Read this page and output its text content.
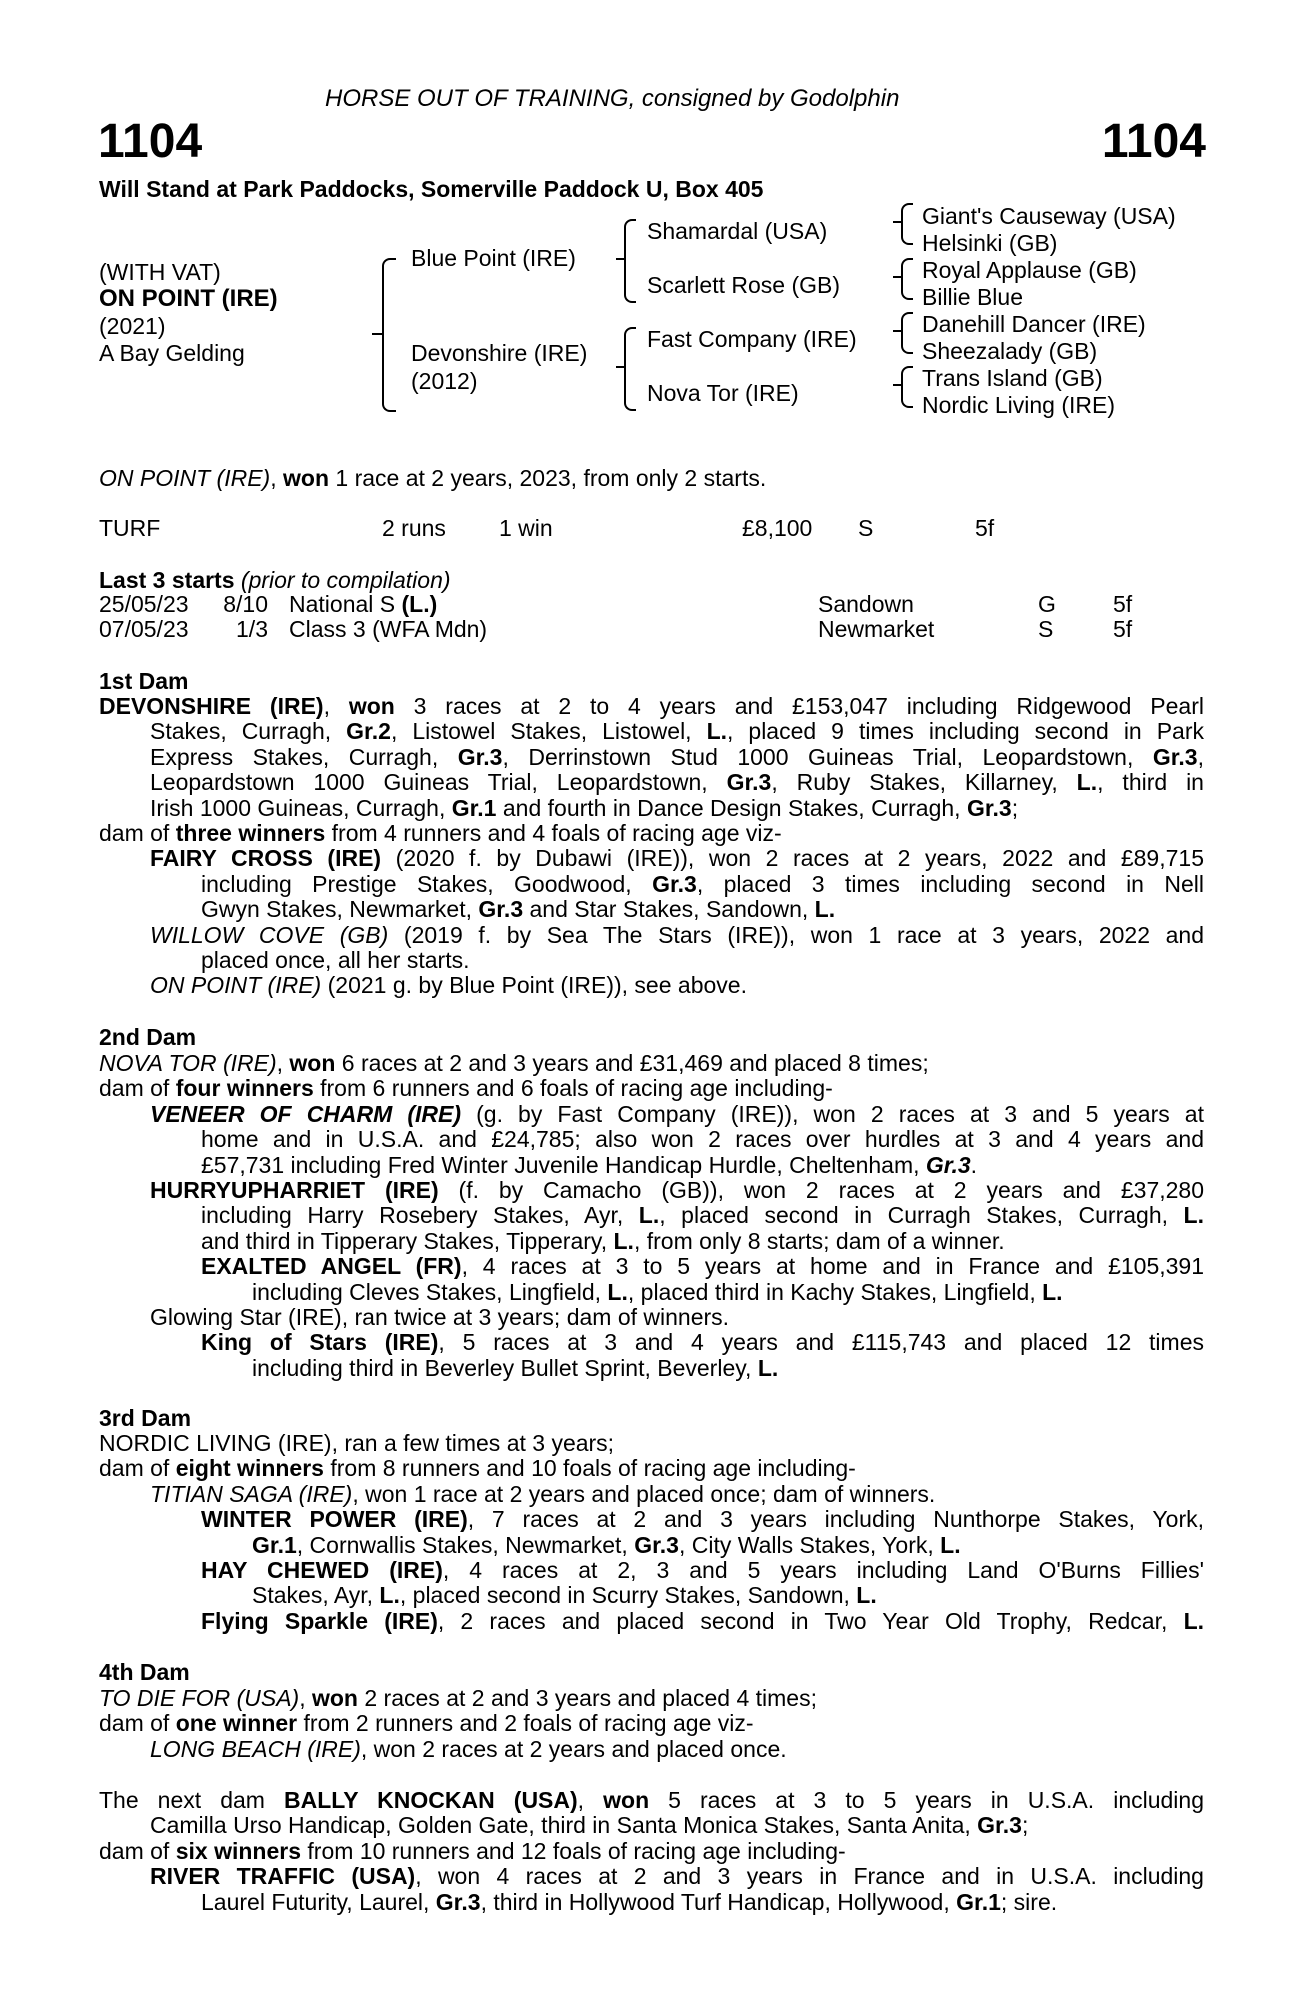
HORSE OUT OF TRAINING, consigned by Godolphin
1104	1104
Will Stand at Park Paddocks, Somerville Paddock U, Box 405
(WITH VAT)
ON POINT (IRE)
(2021)
A Bay Gelding
Blue Point (IRE)
Devonshire (IRE)
(2012)
Shamardal (USA)
Scarlett Rose (GB)
Fast Company (IRE)
Nova Tor (IRE)
Giant's Causeway (USA)
Helsinki (GB)
Royal Applause (GB)
Billie Blue
Danehill Dancer (IRE)
Sheezalady (GB)
Trans Island (GB)
Nordic Living (IRE)
ON POINT (IRE), won 1 race at 2 years, 2023, from only 2 starts.
TURF	2 runs 1 win	£8,100 S	5f
Last 3 starts (prior to compilation)
25/05/23 8/10 National S (L.)	Sandown	G 5f
07/05/23 1/3 Class 3 (WFA Mdn)	Newmarket	S	5f
1st Dam
DEVONSHIRE (IRE), won 3 races at 2 to 4 years and £153,047 including Ridgewood Pearl
Stakes, Curragh, Gr.2, Listowel Stakes, Listowel, L., placed 9 times including second in Park
Express Stakes, Curragh, Gr.3, Derrinstown Stud 1000 Guineas Trial, Leopardstown, Gr.3,
Leopardstown 1000 Guineas Trial, Leopardstown, Gr.3, Ruby Stakes, Killarney, L., third in
Irish 1000 Guineas, Curragh, Gr.1 and fourth in Dance Design Stakes, Curragh, Gr.3;
dam of three winners from 4 runners and 4 foals of racing age viz-
FAIRY CROSS (IRE) (2020 f. by Dubawi (IRE)), won 2 races at 2 years, 2022 and £89,715
including Prestige Stakes, Goodwood, Gr.3, placed 3 times including second in Nell
Gwyn Stakes, Newmarket, Gr.3 and Star Stakes, Sandown, L.
WILLOW COVE (GB) (2019 f. by Sea The Stars (IRE)), won 1 race at 3 years, 2022 and
placed once, all her starts.
ON POINT (IRE) (2021 g. by Blue Point (IRE)), see above.
2nd Dam
NOVA TOR (IRE), won 6 races at 2 and 3 years and £31,469 and placed 8 times;
dam of four winners from 6 runners and 6 foals of racing age including-
VENEER OF CHARM (IRE) (g. by Fast Company (IRE)), won 2 races at 3 and 5 years at
home and in U.S.A. and £24,785; also won 2 races over hurdles at 3 and 4 years and
£57,731 including Fred Winter Juvenile Handicap Hurdle, Cheltenham, Gr.3.
HURRYUPHARRIET (IRE) (f. by Camacho (GB)), won 2 races at 2 years and £37,280
including Harry Rosebery Stakes, Ayr, L., placed second in Curragh Stakes, Curragh, L.
and third in Tipperary Stakes, Tipperary, L., from only 8 starts; dam of a winner.
EXALTED ANGEL (FR), 4 races at 3 to 5 years at home and in France and £105,391
including Cleves Stakes, Lingfield, L., placed third in Kachy Stakes, Lingfield, L.
Glowing Star (IRE), ran twice at 3 years; dam of winners.
King of Stars (IRE), 5 races at 3 and 4 years and £115,743 and placed 12 times
including third in Beverley Bullet Sprint, Beverley, L.
3rd Dam
NORDIC LIVING (IRE), ran a few times at 3 years;
dam of eight winners from 8 runners and 10 foals of racing age including-
TITIAN SAGA (IRE), won 1 race at 2 years and placed once; dam of winners.
WINTER POWER (IRE), 7 races at 2 and 3 years including Nunthorpe Stakes, York,
Gr.1, Cornwallis Stakes, Newmarket, Gr.3, City Walls Stakes, York, L.
HAY CHEWED (IRE), 4 races at 2, 3 and 5 years including Land O'Burns Fillies'
Stakes, Ayr, L., placed second in Scurry Stakes, Sandown, L.
Flying Sparkle (IRE), 2 races and placed second in Two Year Old Trophy, Redcar, L.
4th Dam
TO DIE FOR (USA), won 2 races at 2 and 3 years and placed 4 times;
dam of one winner from 2 runners and 2 foals of racing age viz-
LONG BEACH (IRE), won 2 races at 2 years and placed once.
The next dam BALLY KNOCKAN (USA), won 5 races at 3 to 5 years in U.S.A. including
Camilla Urso Handicap, Golden Gate, third in Santa Monica Stakes, Santa Anita, Gr.3;
dam of six winners from 10 runners and 12 foals of racing age including-
RIVER TRAFFIC (USA), won 4 races at 2 and 3 years in France and in U.S.A. including
Laurel Futurity, Laurel, Gr.3, third in Hollywood Turf Handicap, Hollywood, Gr.1; sire.
